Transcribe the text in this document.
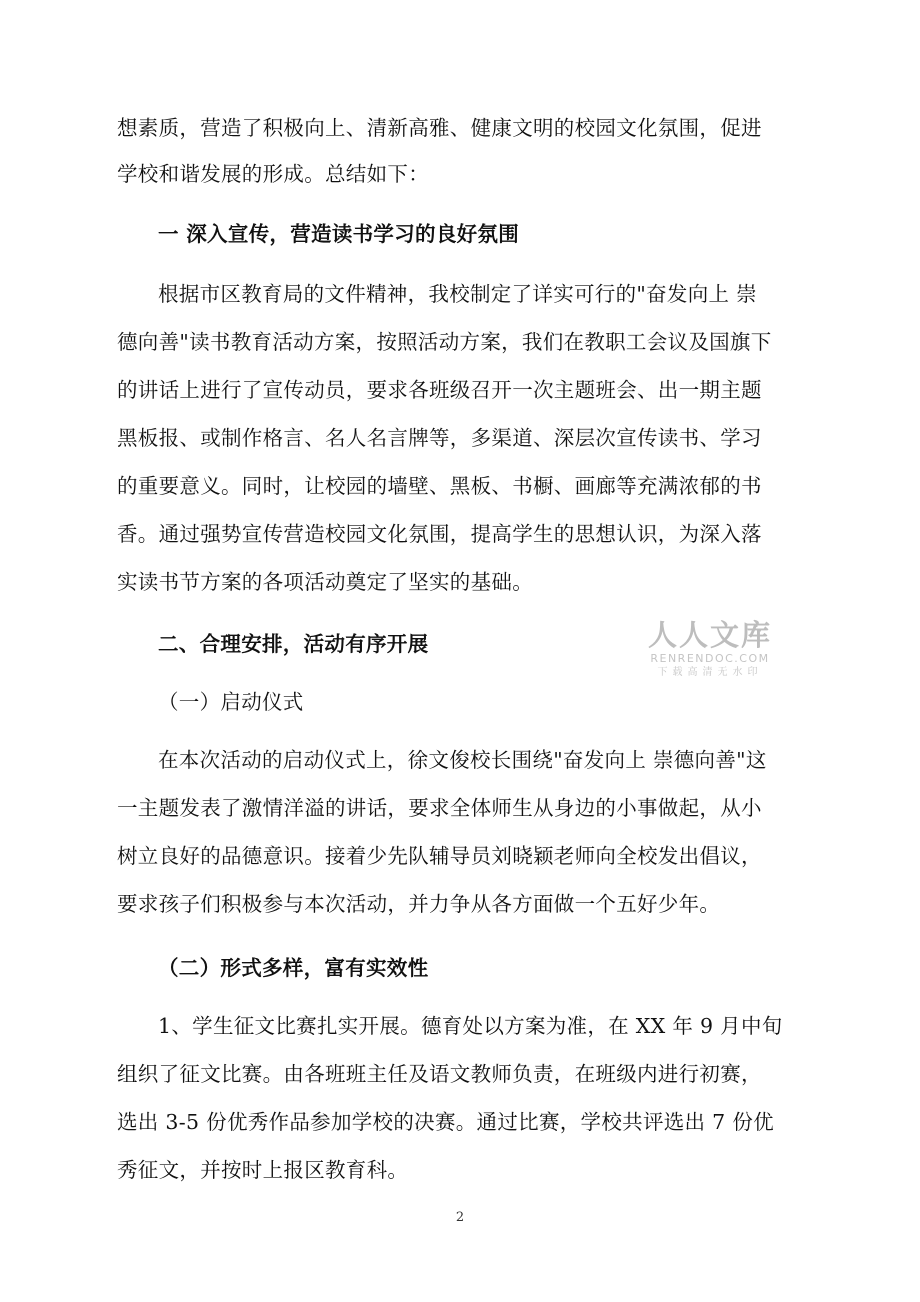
想素质，营造了积极向上、清新高雅、健康文明的校园文化氛围，促进
学校和谐发展的形成。总结如下：
一 深入宣传，营造读书学习的良好氛围
根据市区教育局的文件精神，我校制定了详实可行的"奋发向上 崇
德向善"读书教育活动方案，按照活动方案，我们在教职工会议及国旗下
的讲话上进行了宣传动员，要求各班级召开一次主题班会、出一期主题
黑板报、或制作格言、名人名言牌等，多渠道、深层次宣传读书、学习
的重要意义。同时，让校园的墙壁、黑板、书橱、画廊等充满浓郁的书
香。通过强势宣传营造校园文化氛围，提高学生的思想认识，为深入落
实读书节方案的各项活动奠定了坚实的基础。
二、合理安排，活动有序开展
（一）启动仪式
在本次活动的启动仪式上，徐文俊校长围绕"奋发向上 崇德向善"这
一主题发表了激情洋溢的讲话，要求全体师生从身边的小事做起，从小
树立良好的品德意识。接着少先队辅导员刘晓颖老师向全校发出倡议，
要求孩子们积极参与本次活动，并力争从各方面做一个五好少年。
（二）形式多样，富有实效性
1、学生征文比赛扎实开展。德育处以方案为准，在 XX 年 9 月中旬
组织了征文比赛。由各班班主任及语文教师负责，在班级内进行初赛，
选出 3-5 份优秀作品参加学校的决赛。通过比赛，学校共评选出 7 份优
秀征文，并按时上报区教育科。
人人文库
RENRENDOC.COM
下载高清无水印
2
